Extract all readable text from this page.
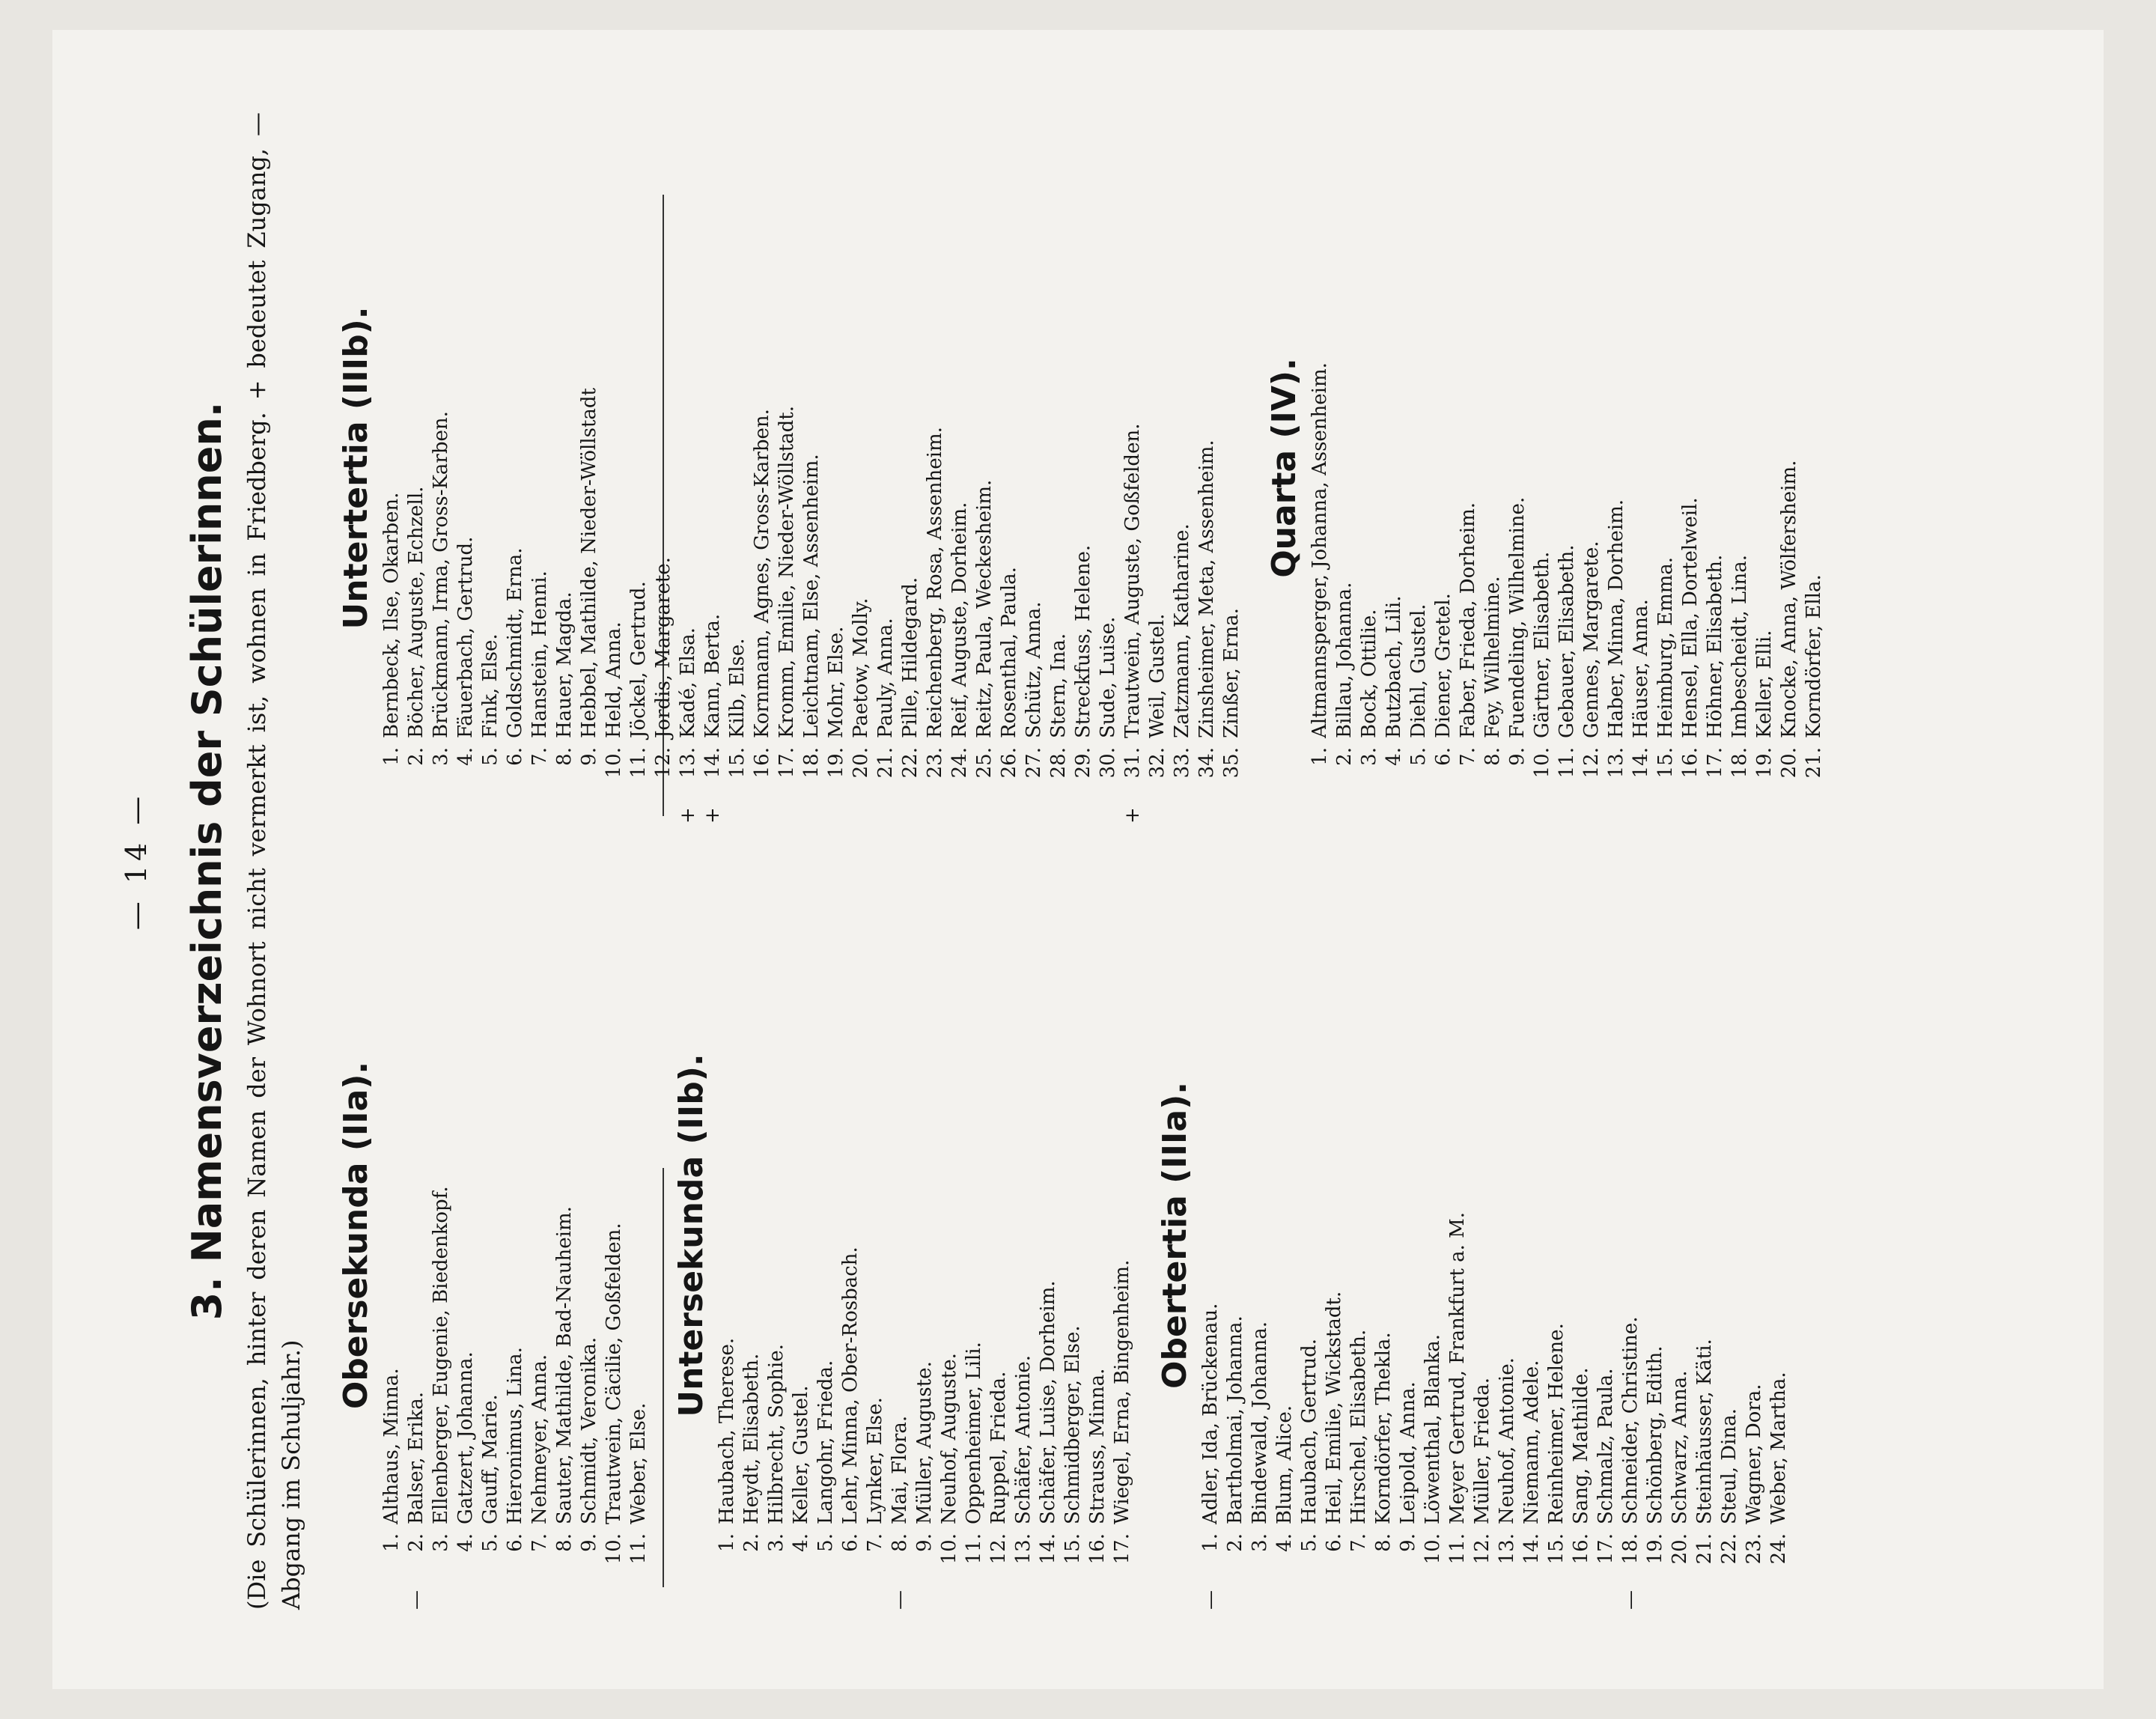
— 14 — 3. Namensverzeichnis der Schülerinnen. (Die Schülerinnen, hinter deren Namen der Wohnort nicht vermerkt ist, wohnen in Friedberg. + bedeutet Zugang, — Abgang im Schuljahr.)
Obersekunda (IIa).
1.
Althaus, Minna.
—
2.
Balser, Erika.
3.
Ellenberger, Eugenie, Biedenkopf.
4.
Gatzert, Johanna.
5.
Gauff, Marie.
6.
Hieronimus, Lina.
7.
Nehmeyer, Anna.
8.
Sauter, Mathilde, Bad-Nauheim.
9.
Schmidt, Veronika.
10.
Trautwein, Cäcilie, Goßfelden.
11.
Weber, Else.
Untersekunda (IIb).
1.
Haubach, Therese.
2.
Heydt, Elisabeth.
3.
Hilbrecht, Sophie.
4.
Keller, Gustel.
5.
Langohr, Frieda.
6.
Lehr, Minna, Ober-Rosbach.
7.
Lynker, Else.
—
8.
Mai, Flora.
9.
Müller, Auguste.
10.
Neuhof, Auguste.
11.
Oppenheimer, Lili.
12.
Ruppel, Frieda.
13.
Schäfer, Antonie.
14.
Schäfer, Luise, Dorheim.
15.
Schmidberger, Else.
16.
Strauss, Minna.
17.
Wiegel, Erna, Bingenheim.
Obertertia (IIIa).
—
1.
Adler, Ida, Brückenau.
2.
Bartholmai, Johanna.
3.
Bindewald, Johanna.
4.
Blum, Alice.
5.
Haubach, Gertrud.
6.
Heil, Emilie, Wickstadt.
7.
Hirschel, Elisabeth.
8.
Korndörfer, Thekla.
9.
Leipold, Anna.
10.
Löwenthal, Blanka.
11.
Meyer Gertrud, Frankfurt a. M.
12.
Müller, Frieda.
13.
Neuhof, Antonie.
14.
Niemann, Adele.
15.
Reinheimer, Helene.
16.
Sang, Mathilde.
17.
Schmalz, Paula.
—
18.
Schneider, Christine.
19.
Schönberg, Edith.
20.
Schwarz, Anna.
21.
Steinhäusser, Käti.
22.
Steul, Dina.
23.
Wagner, Dora.
24.
Weber, Martha.
Untertertia (IIIb).
1.
Bernbeck, Ilse, Okarben.
2.
Böcher, Auguste, Echzell.
3.
Brückmann, Irma, Gross-Karben.
4.
Fäuerbach, Gertrud.
5.
Fink, Else.
6.
Goldschmidt, Erna.
7.
Hanstein, Henni.
8.
Hauer, Magda.
9.
Hebbel, Mathilde, Nieder-Wöllstadt
10.
Held, Anna.
11.
Jöckel, Gertrud.
12.
Jordis, Margarete.
+
13.
Kadé, Elsa.
+
14.
Kann, Berta.
15.
Kilb, Else.
16.
Kornmann, Agnes, Gross-Karben.
17.
Kromm, Emilie, Nieder-Wöllstadt.
18.
Leichtnam, Else, Assenheim.
19.
Mohr, Else.
20.
Paetow, Molly.
21.
Pauly, Anna.
22.
Pille, Hildegard.
23.
Reichenberg, Rosa, Assenheim.
24.
Reif, Auguste, Dorheim.
25.
Reitz, Paula, Weckesheim.
26.
Rosenthal, Paula.
27.
Schütz, Anna.
28.
Stern, Ina.
29.
Streckfuss, Helene.
30.
Sude, Luise.
+
31.
Trautwein, Auguste, Goßfelden.
32.
Weil, Gustel.
33.
Zatzmann, Katharine.
34.
Zinsheimer, Meta, Assenheim.
35.
Zinßer, Erna.
Quarta (IV).
1.
Altmannsperger, Johanna, Assenheim.
2.
Billau, Johanna.
3.
Bock, Ottilie.
4.
Butzbach, Lili.
5.
Diehl, Gustel.
6.
Diener, Gretel.
7.
Faber, Frieda, Dorheim.
8.
Fey, Wilhelmine.
9.
Fuendeling, Wilhelmine.
10.
Gärtner, Elisabeth.
11.
Gebauer, Elisabeth.
12.
Gennes, Margarete.
13.
Haber, Minna, Dorheim.
14.
Häuser, Anna.
15.
Heimburg, Emma.
16.
Hensel, Ella, Dortelweil.
17.
Höhner, Elisabeth.
18.
Imbescheidt, Lina.
19.
Keller, Elli.
20.
Knocke, Anna, Wölfersheim.
21.
Korndörfer, Ella.
